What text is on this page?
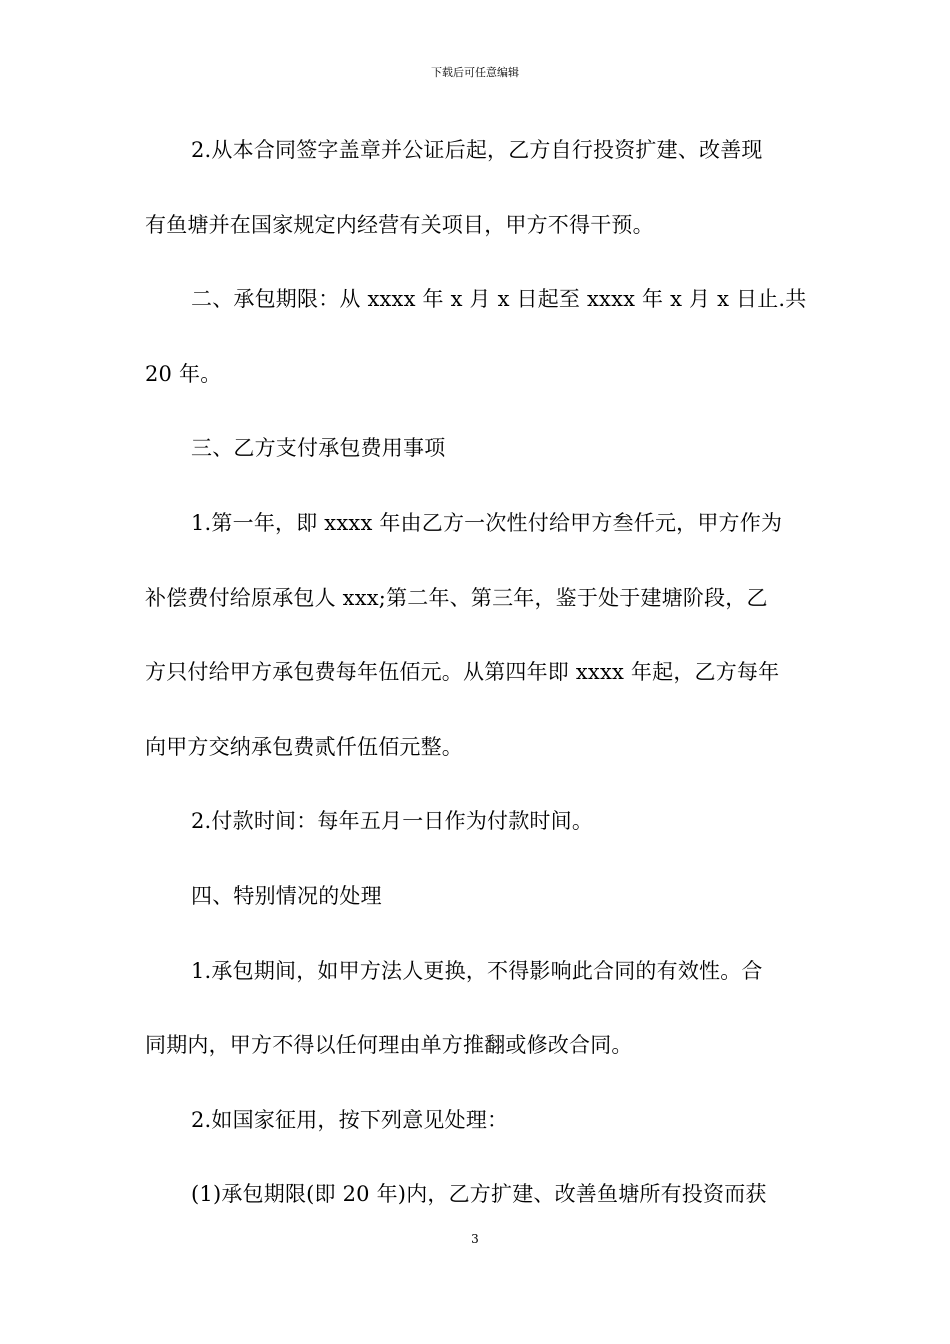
下载后可任意编辑
2.从本合同签字盖章并公证后起，乙方自行投资扩建、改善现
有鱼塘并在国家规定内经营有关项目，甲方不得干预。
二、承包期限：从 xxxx 年 x 月 x 日起至 xxxx 年 x 月 x 日止.共
20 年。
三、乙方支付承包费用事项
1.第一年，即 xxxx 年由乙方一次性付给甲方叁仟元，甲方作为
补偿费付给原承包人 xxx;第二年、第三年，鉴于处于建塘阶段，乙
方只付给甲方承包费每年伍佰元。从第四年即 xxxx 年起，乙方每年
向甲方交纳承包费贰仟伍佰元整。
2.付款时间：每年五月一日作为付款时间。
四、特别情况的处理
1.承包期间，如甲方法人更换，不得影响此合同的有效性。合
同期内，甲方不得以任何理由单方推翻或修改合同。
2.如国家征用，按下列意见处理：
(1)承包期限(即 20 年)内，乙方扩建、改善鱼塘所有投资而获
3
